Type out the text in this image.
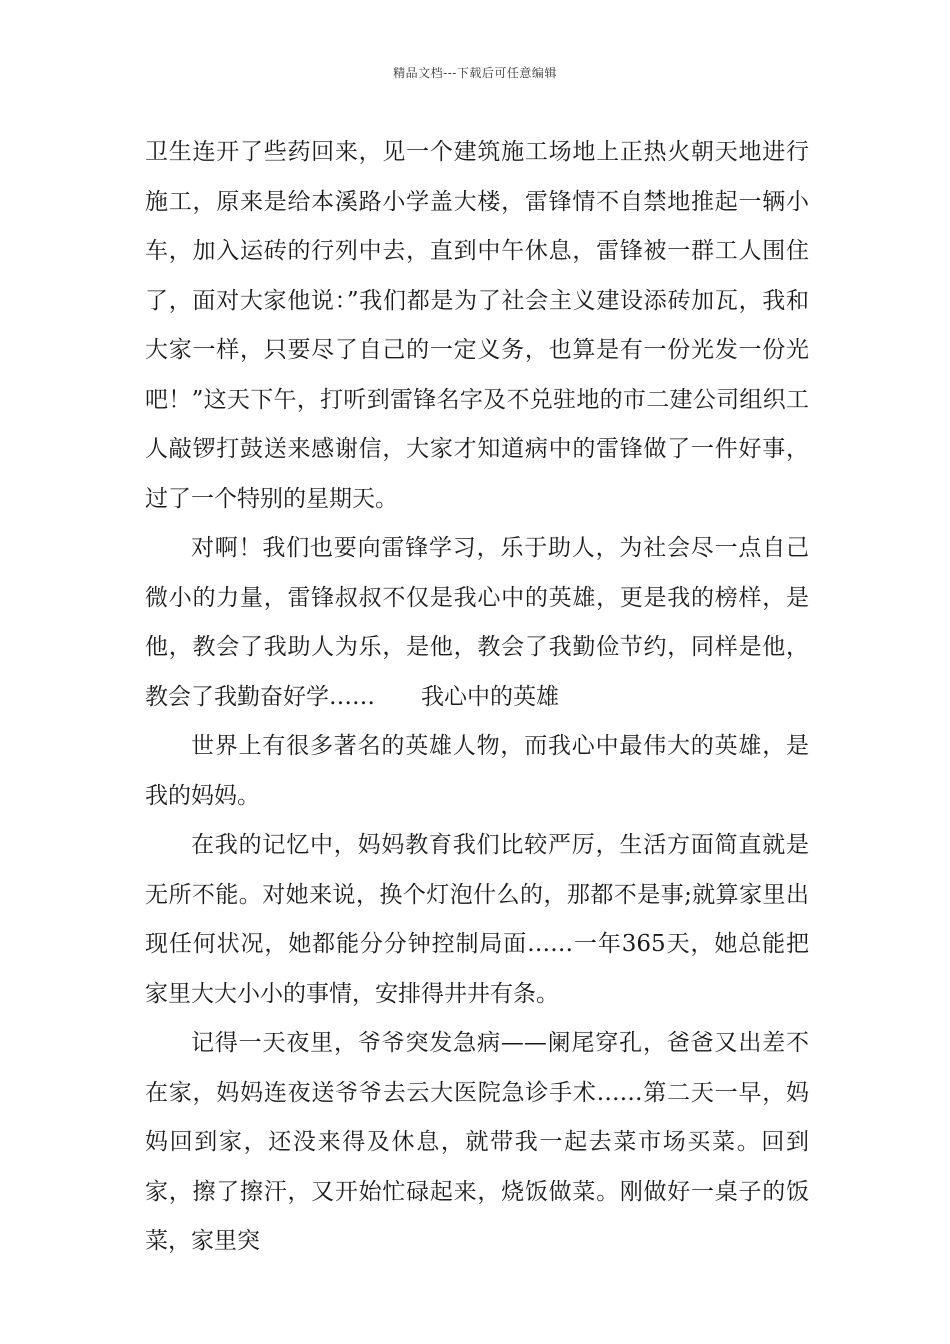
精品文档---下载后可任意编辑

卫生连开了些药回来，见一个建筑施工场地上正热火朝天地进行施工，原来是给本溪路小学盖大楼，雷锋情不自禁地推起一辆小车，加入运砖的行列中去，直到中午休息，雷锋被一群工人围住了，面对大家他说：”我们都是为了社会主义建设添砖加瓦，我和大家一样，只要尽了自己的一定义务，也算是有一份光发一份光吧！”这天下午，打听到雷锋名字及不兑驻地的市二建公司组织工人敲锣打鼓送来感谢信，大家才知道病中的雷锋做了一件好事，过了一个特别的星期天。

对啊！我们也要向雷锋学习，乐于助人，为社会尽一点自己微小的力量，雷锋叔叔不仅是我心中的英雄，更是我的榜样，是他，教会了我助人为乐，是他，教会了我勤俭节约，同样是他，教会了我勤奋好学…… 我心中的英雄

世界上有很多著名的英雄人物，而我心中最伟大的英雄，是我的妈妈。

在我的记忆中，妈妈教育我们比较严厉，生活方面简直就是无所不能。对她来说，换个灯泡什么的，那都不是事;就算家里出现任何状况，她都能分分钟控制局面……一年365天，她总能把家里大大小小的事情，安排得井井有条。

记得一天夜里，爷爷突发急病——阑尾穿孔，爸爸又出差不在家，妈妈连夜送爷爷去云大医院急诊手术……第二天一早，妈妈回到家，还没来得及休息，就带我一起去菜市场买菜。回到家，擦了擦汗，又开始忙碌起来，烧饭做菜。刚做好一桌子的饭菜，家里突
